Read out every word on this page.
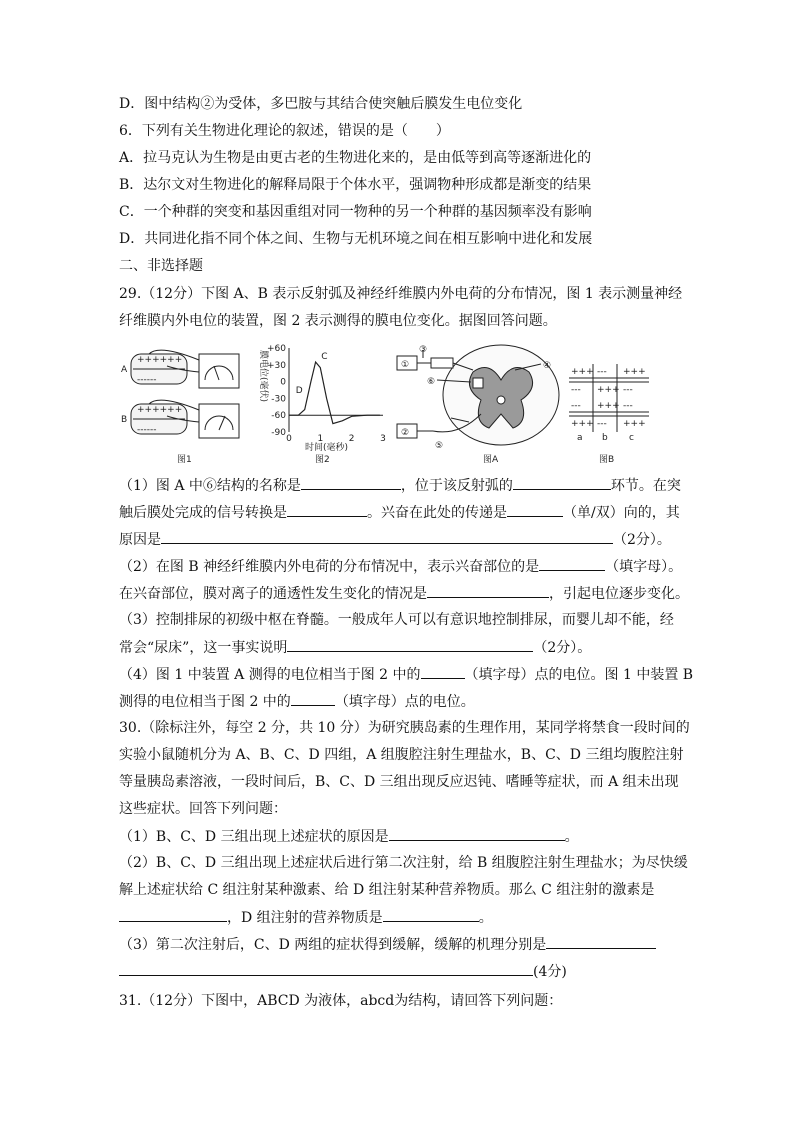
D．图中结构②为受体，多巴胺与其结合使突触后膜发生电位变化
6．下列有关生物进化理论的叙述，错误的是（　　）
A．拉马克认为生物是由更古老的生物进化来的，是由低等到高等逐渐进化的
B．达尔文对生物进化的解释局限于个体水平，强调物种形成都是渐变的结果
C．一个种群的突变和基因重组对同一物种的另一个种群的基因频率没有影响
D．共同进化指不同个体之间、生物与无机环境之间在相互影响中进化和发展
二、非选择题
29.（12分）下图 A、B 表示反射弧及神经纤维膜内外电荷的分布情况，图 1 表示测量神经
纤维膜内外电位的装置，图 2 表示测得的膜电位变化。据图回答问题。
++++++
------
++++++
------
A
B
图1
膜电位(毫伏)
+60
+30
0
-30
-60
-90
0	1	2	3
C
D
时间(毫秒)
图2
①
②
③
④
⑤
⑥
图A
+++ --- +++
--- +++ ---
--- +++ ---
+++ --- +++
a b c
图B
（1）图 A 中⑥结构的名称是	，位于该反射弧的	环节。在突
触后膜处完成的信号转换是	。兴奋在此处的传递是	（单/双）向的，其
原因是	（2分）。
（2）在图 B 神经纤维膜内外电荷的分布情况中，表示兴奋部位的是	（填字母）。
在兴奋部位，膜对离子的通透性发生变化的情况是	，引起电位逐步变化。
（3）控制排尿的初级中枢在脊髓。一般成年人可以有意识地控制排尿，而婴儿却不能，经
常会“尿床”，这一事实说明	（2分）。
（4）图 1 中装置 A 测得的电位相当于图 2 中的	（填字母）点的电位。图 1 中装置 B
测得的电位相当于图 2 中的	（填字母）点的电位。
30.（除标注外，每空 2 分，共 10 分）为研究胰岛素的生理作用，某同学将禁食一段时间的
实验小鼠随机分为 A、B、C、D 四组，A 组腹腔注射生理盐水，B、C、D 三组均腹腔注射
等量胰岛素溶液，一段时间后，B、C、D 三组出现反应迟钝、嗜睡等症状，而 A 组未出现
这些症状。回答下列问题：
（1）B、C、D 三组出现上述症状的原因是	。
（2）B、C、D 三组出现上述症状后进行第二次注射，给 B 组腹腔注射生理盐水；为尽快缓
解上述症状给 C 组注射某种激素、给 D 组注射某种营养物质。那么 C 组注射的激素是
，D 组注射的营养物质是	。
（3）第二次注射后，C、D 两组的症状得到缓解，缓解的机理分别是
(4分)
31.（12分）下图中，ABCD 为液体，abcd为结构，请回答下列问题：
